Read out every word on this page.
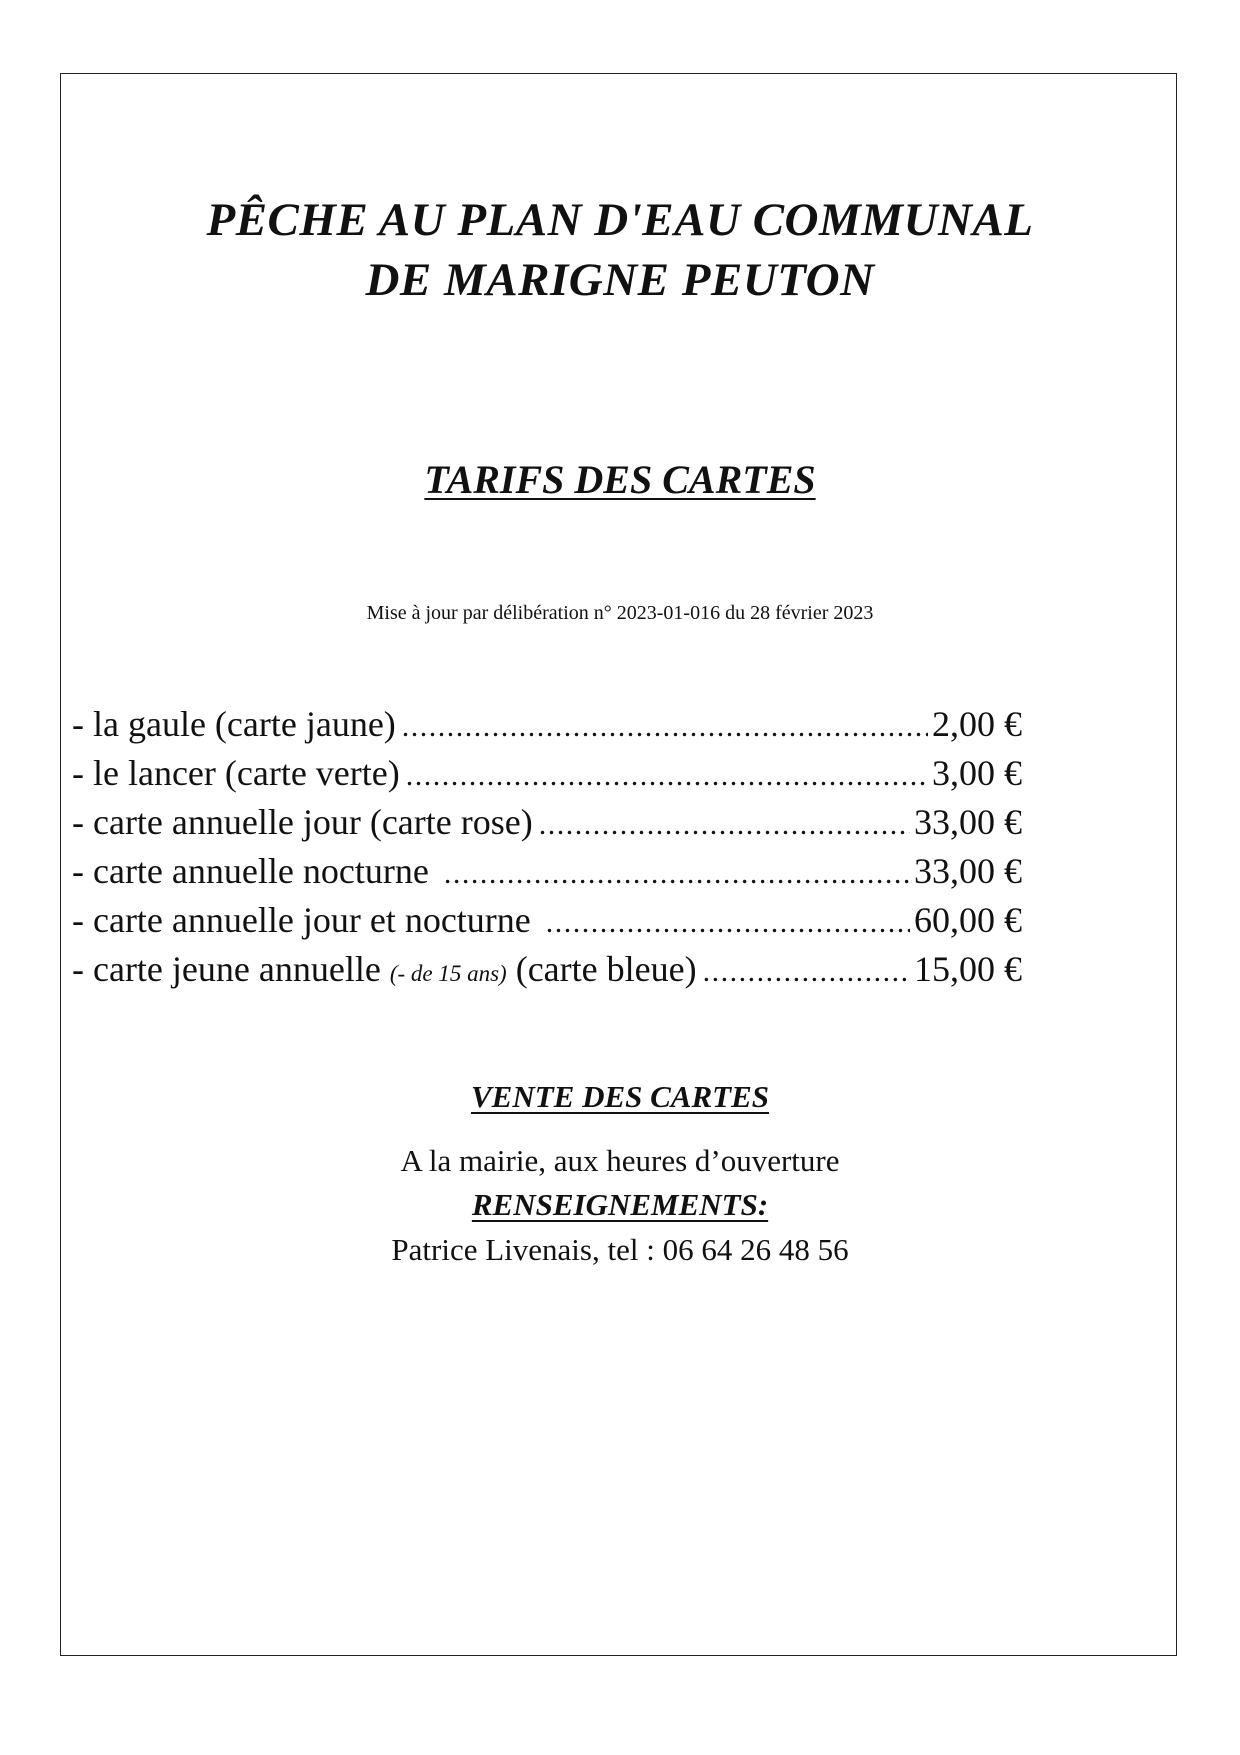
PÊCHE AU PLAN D'EAU COMMUNAL
DE MARIGNE PEUTON
TARIFS DES CARTES
Mise à jour par délibération n° 2023-01-016 du 28 février 2023
- la gaule (carte jaune) .....	2,00 €
- le lancer (carte verte) .....	3,00 €
- carte annuelle jour (carte rose) .....	33,00 €
- carte annuelle nocturne .....	33,00 €
- carte annuelle jour et nocturne .....	60,00 €
- carte jeune annuelle (- de 15 ans) (carte bleue) .....	15,00 €
VENTE DES CARTES
A la mairie, aux heures d’ouverture
RENSEIGNEMENTS:
Patrice Livenais, tel : 06 64 26 48 56
